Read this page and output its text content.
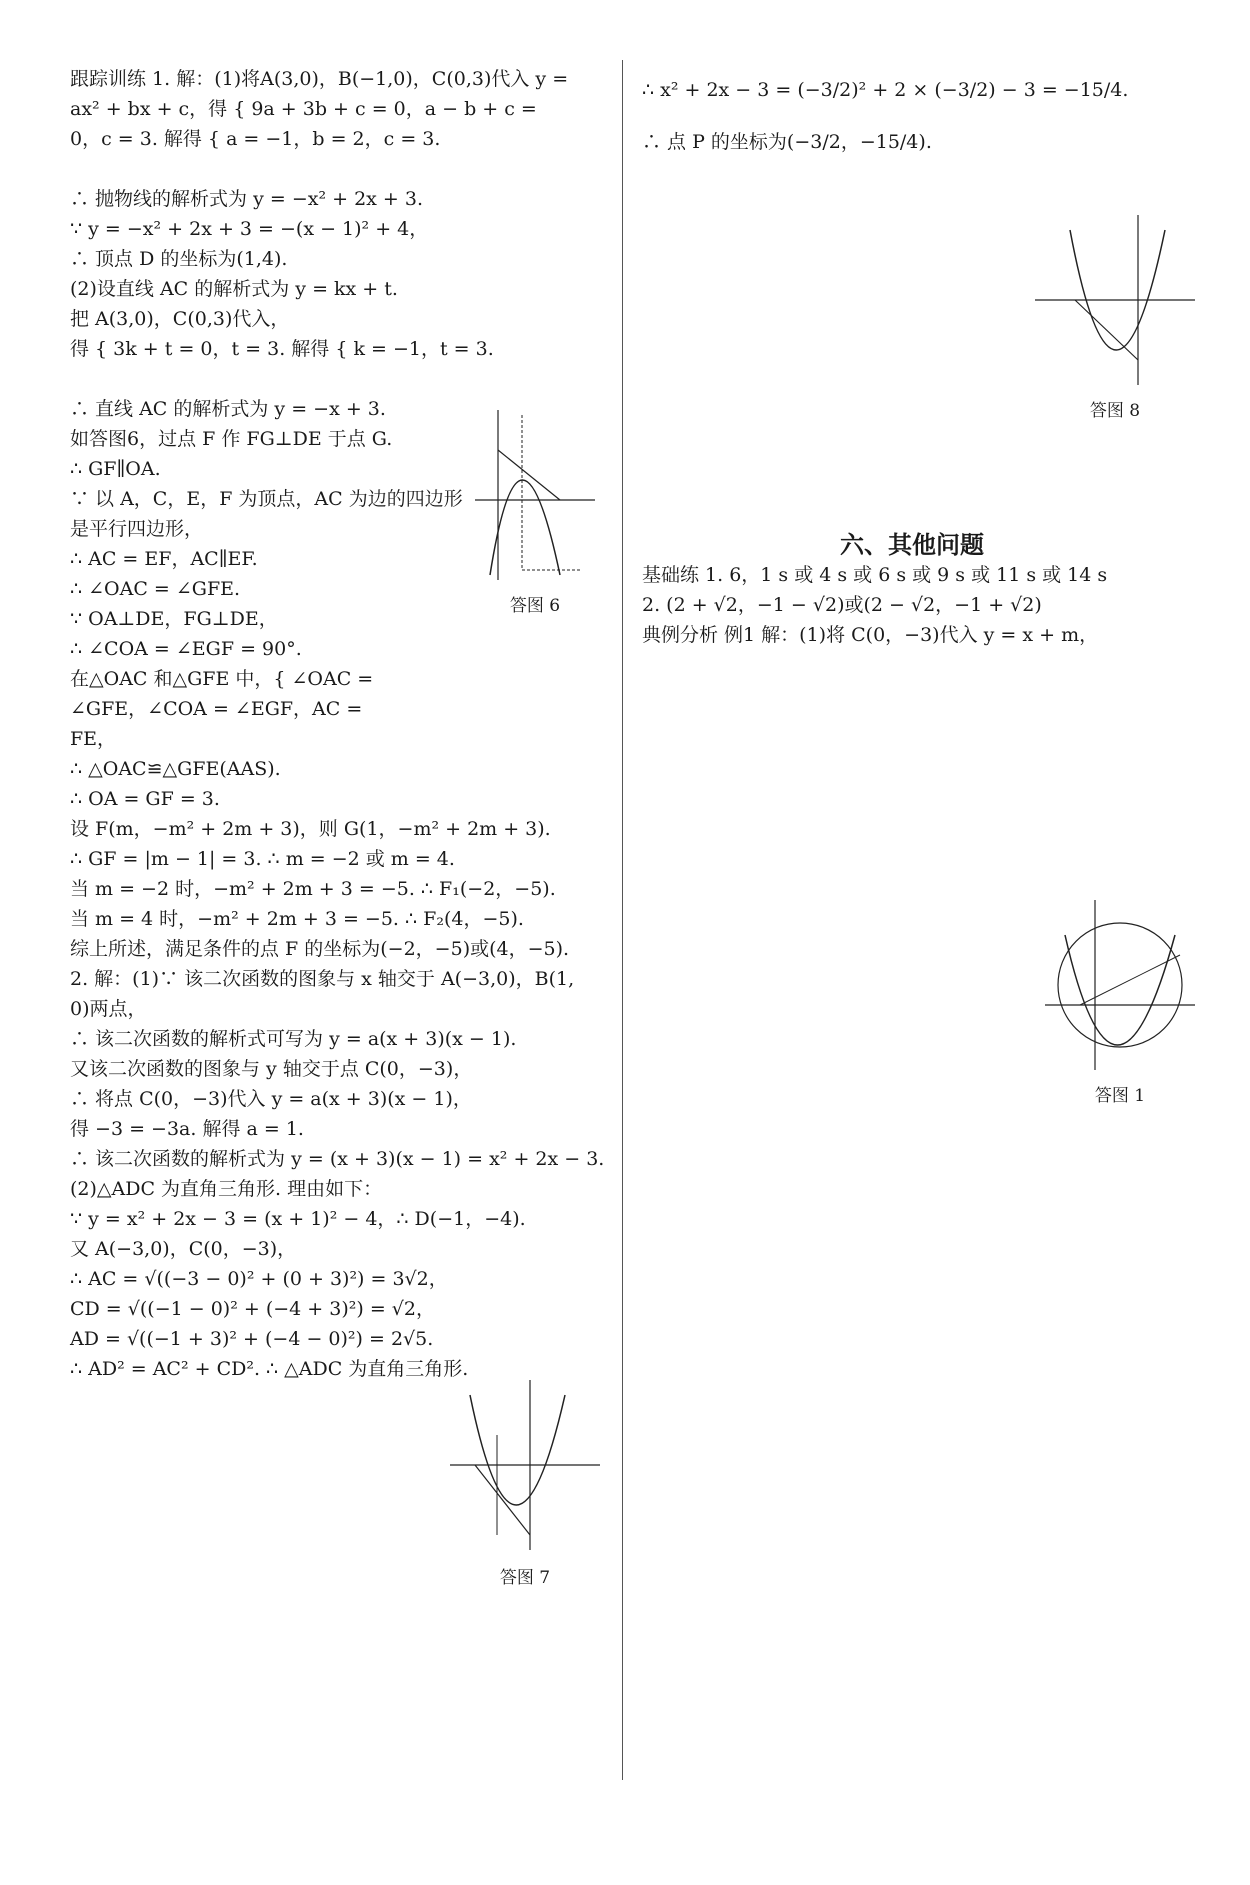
跟踪训练 1. 解：(1)将A(3,0)，B(−1,0)，C(0,3)代入 y =
ax² + bx + c，得 { 9a + 3b + c = 0，a − b + c = 0，c = 3. 解得 { a = −1，b = 2，c = 3.
∴ 抛物线的解析式为 y = −x² + 2x + 3.
∵ y = −x² + 2x + 3 = −(x − 1)² + 4，
∴ 顶点 D 的坐标为(1,4).
(2)设直线 AC 的解析式为 y = kx + t.
把 A(3,0)，C(0,3)代入，
得 { 3k + t = 0，t = 3. 解得 { k = −1，t = 3.
∴ 直线 AC 的解析式为 y = −x + 3.
如答图6，过点 F 作 FG⊥DE 于点 G.
∴ GF∥OA.
∵ 以 A，C，E，F 为顶点，AC 为边的四边形
是平行四边形，
∴ AC = EF，AC∥EF.
∴ ∠OAC = ∠GFE.
∵ OA⊥DE，FG⊥DE，
∴ ∠COA = ∠EGF = 90°.
在△OAC 和△GFE 中，{ ∠OAC = ∠GFE，∠COA = ∠EGF，AC = FE，
∴ △OAC≌△GFE(AAS).
∴ OA = GF = 3.
设 F(m，−m² + 2m + 3)，则 G(1，−m² + 2m + 3).
∴ GF = |m − 1| = 3. ∴ m = −2 或 m = 4.
当 m = −2 时，−m² + 2m + 3 = −5. ∴ F₁(−2，−5).
当 m = 4 时，−m² + 2m + 3 = −5. ∴ F₂(4，−5).
综上所述，满足条件的点 F 的坐标为(−2，−5)或(4，−5).
2. 解：(1)∵ 该二次函数的图象与 x 轴交于 A(−3,0)，B(1,
0)两点，
∴ 该二次函数的解析式可写为 y = a(x + 3)(x − 1).
又该二次函数的图象与 y 轴交于点 C(0，−3)，
∴ 将点 C(0，−3)代入 y = a(x + 3)(x − 1)，
得 −3 = −3a. 解得 a = 1.
∴ 该二次函数的解析式为 y = (x + 3)(x − 1) = x² + 2x − 3.
(2)△ADC 为直角三角形. 理由如下：
∵ y = x² + 2x − 3 = (x + 1)² − 4，∴ D(−1，−4).
又 A(−3,0)，C(0，−3)，
∴ AC = √((−3 − 0)² + (0 + 3)²) = 3√2，
CD = √((−1 − 0)² + (−4 + 3)²) = √2，
AD = √((−1 + 3)² + (−4 − 0)²) = 2√5.
∴ AD² = AC² + CD². ∴ △ADC 为直角三角形.
答图 6
答图 7
∴ x² + 2x − 3 = (−3/2)² + 2 × (−3/2) − 3 = −15/4.
∴ 点 P 的坐标为(−3/2，−15/4).
六、其他问题
基础练 1. 6，1 s 或 4 s 或 6 s 或 9 s 或 11 s 或 14 s
2. (2 + √2，−1 − √2)或(2 − √2，−1 + √2)
典例分析 例1 解：(1)将 C(0，−3)代入 y = x + m，
答图 8
答图 1
